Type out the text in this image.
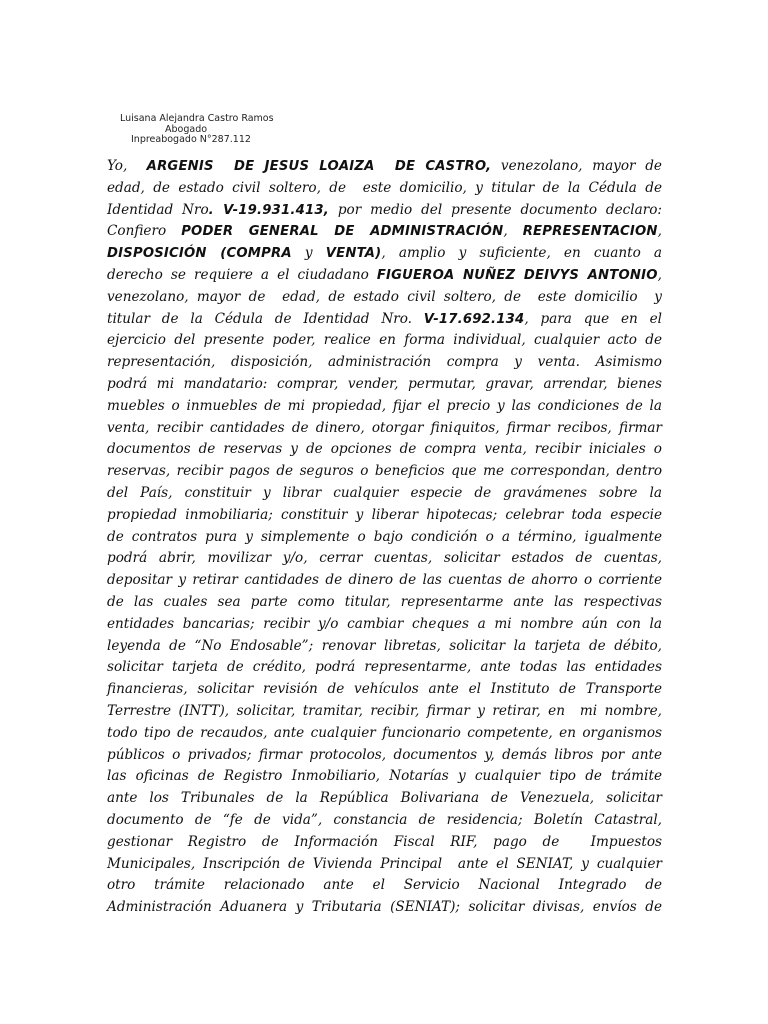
Luisana Alejandra Castro Ramos
Abogado
Inpreabogado N°287.112
Yo,  ARGENIS  DE JESUS LOAIZA  DE CASTRO, venezolano, mayor de
edad, de estado civil soltero, de  este domicilio, y titular de la Cédula de
Identidad Nro. V-19.931.413, por medio del presente documento declaro:
Confiero PODER GENERAL DE ADMINISTRACIÓN, REPRESENTACION,
DISPOSICIÓN (COMPRA y VENTA), amplio y suficiente, en cuanto a
derecho se requiere a el ciudadano FIGUEROA NUÑEZ DEIVYS ANTONIO,
venezolano, mayor de  edad, de estado civil soltero, de  este domicilio  y
titular de la Cédula de Identidad Nro. V-17.692.134, para que en el
ejercicio del presente poder, realice en forma individual, cualquier acto de
representación, disposición, administración compra y venta. Asimismo
podrá mi mandatario: comprar, vender, permutar, gravar, arrendar, bienes
muebles o inmuebles de mi propiedad, fijar el precio y las condiciones de la
venta, recibir cantidades de dinero, otorgar finiquitos, firmar recibos, firmar
documentos de reservas y de opciones de compra venta, recibir iniciales o
reservas, recibir pagos de seguros o beneficios que me correspondan, dentro
del País, constituir y librar cualquier especie de gravámenes sobre la
propiedad inmobiliaria; constituir y liberar hipotecas; celebrar toda especie
de contratos pura y simplemente o bajo condición o a término, igualmente
podrá abrir, movilizar y/o, cerrar cuentas, solicitar estados de cuentas,
depositar y retirar cantidades de dinero de las cuentas de ahorro o corriente
de las cuales sea parte como titular, representarme ante las respectivas
entidades bancarias; recibir y/o cambiar cheques a mi nombre aún con la
leyenda de “No Endosable”; renovar libretas, solicitar la tarjeta de débito,
solicitar tarjeta de crédito, podrá representarme, ante todas las entidades
financieras, solicitar revisión de vehículos ante el Instituto de Transporte
Terrestre (INTT), solicitar, tramitar, recibir, firmar y retirar, en  mi nombre,
todo tipo de recaudos, ante cualquier funcionario competente, en organismos
públicos o privados; firmar protocolos, documentos y, demás libros por ante
las oficinas de Registro Inmobiliario, Notarías y cualquier tipo de trámite
ante los Tribunales de la República Bolivariana de Venezuela, solicitar
documento de “fe de vida”, constancia de residencia; Boletín Catastral,
gestionar Registro de Información Fiscal RIF, pago de  Impuestos
Municipales, Inscripción de Vivienda Principal  ante el SENIAT, y cualquier
otro trámite relacionado ante el Servicio Nacional Integrado de
Administración Aduanera y Tributaria (SENIAT); solicitar divisas, envíos de
